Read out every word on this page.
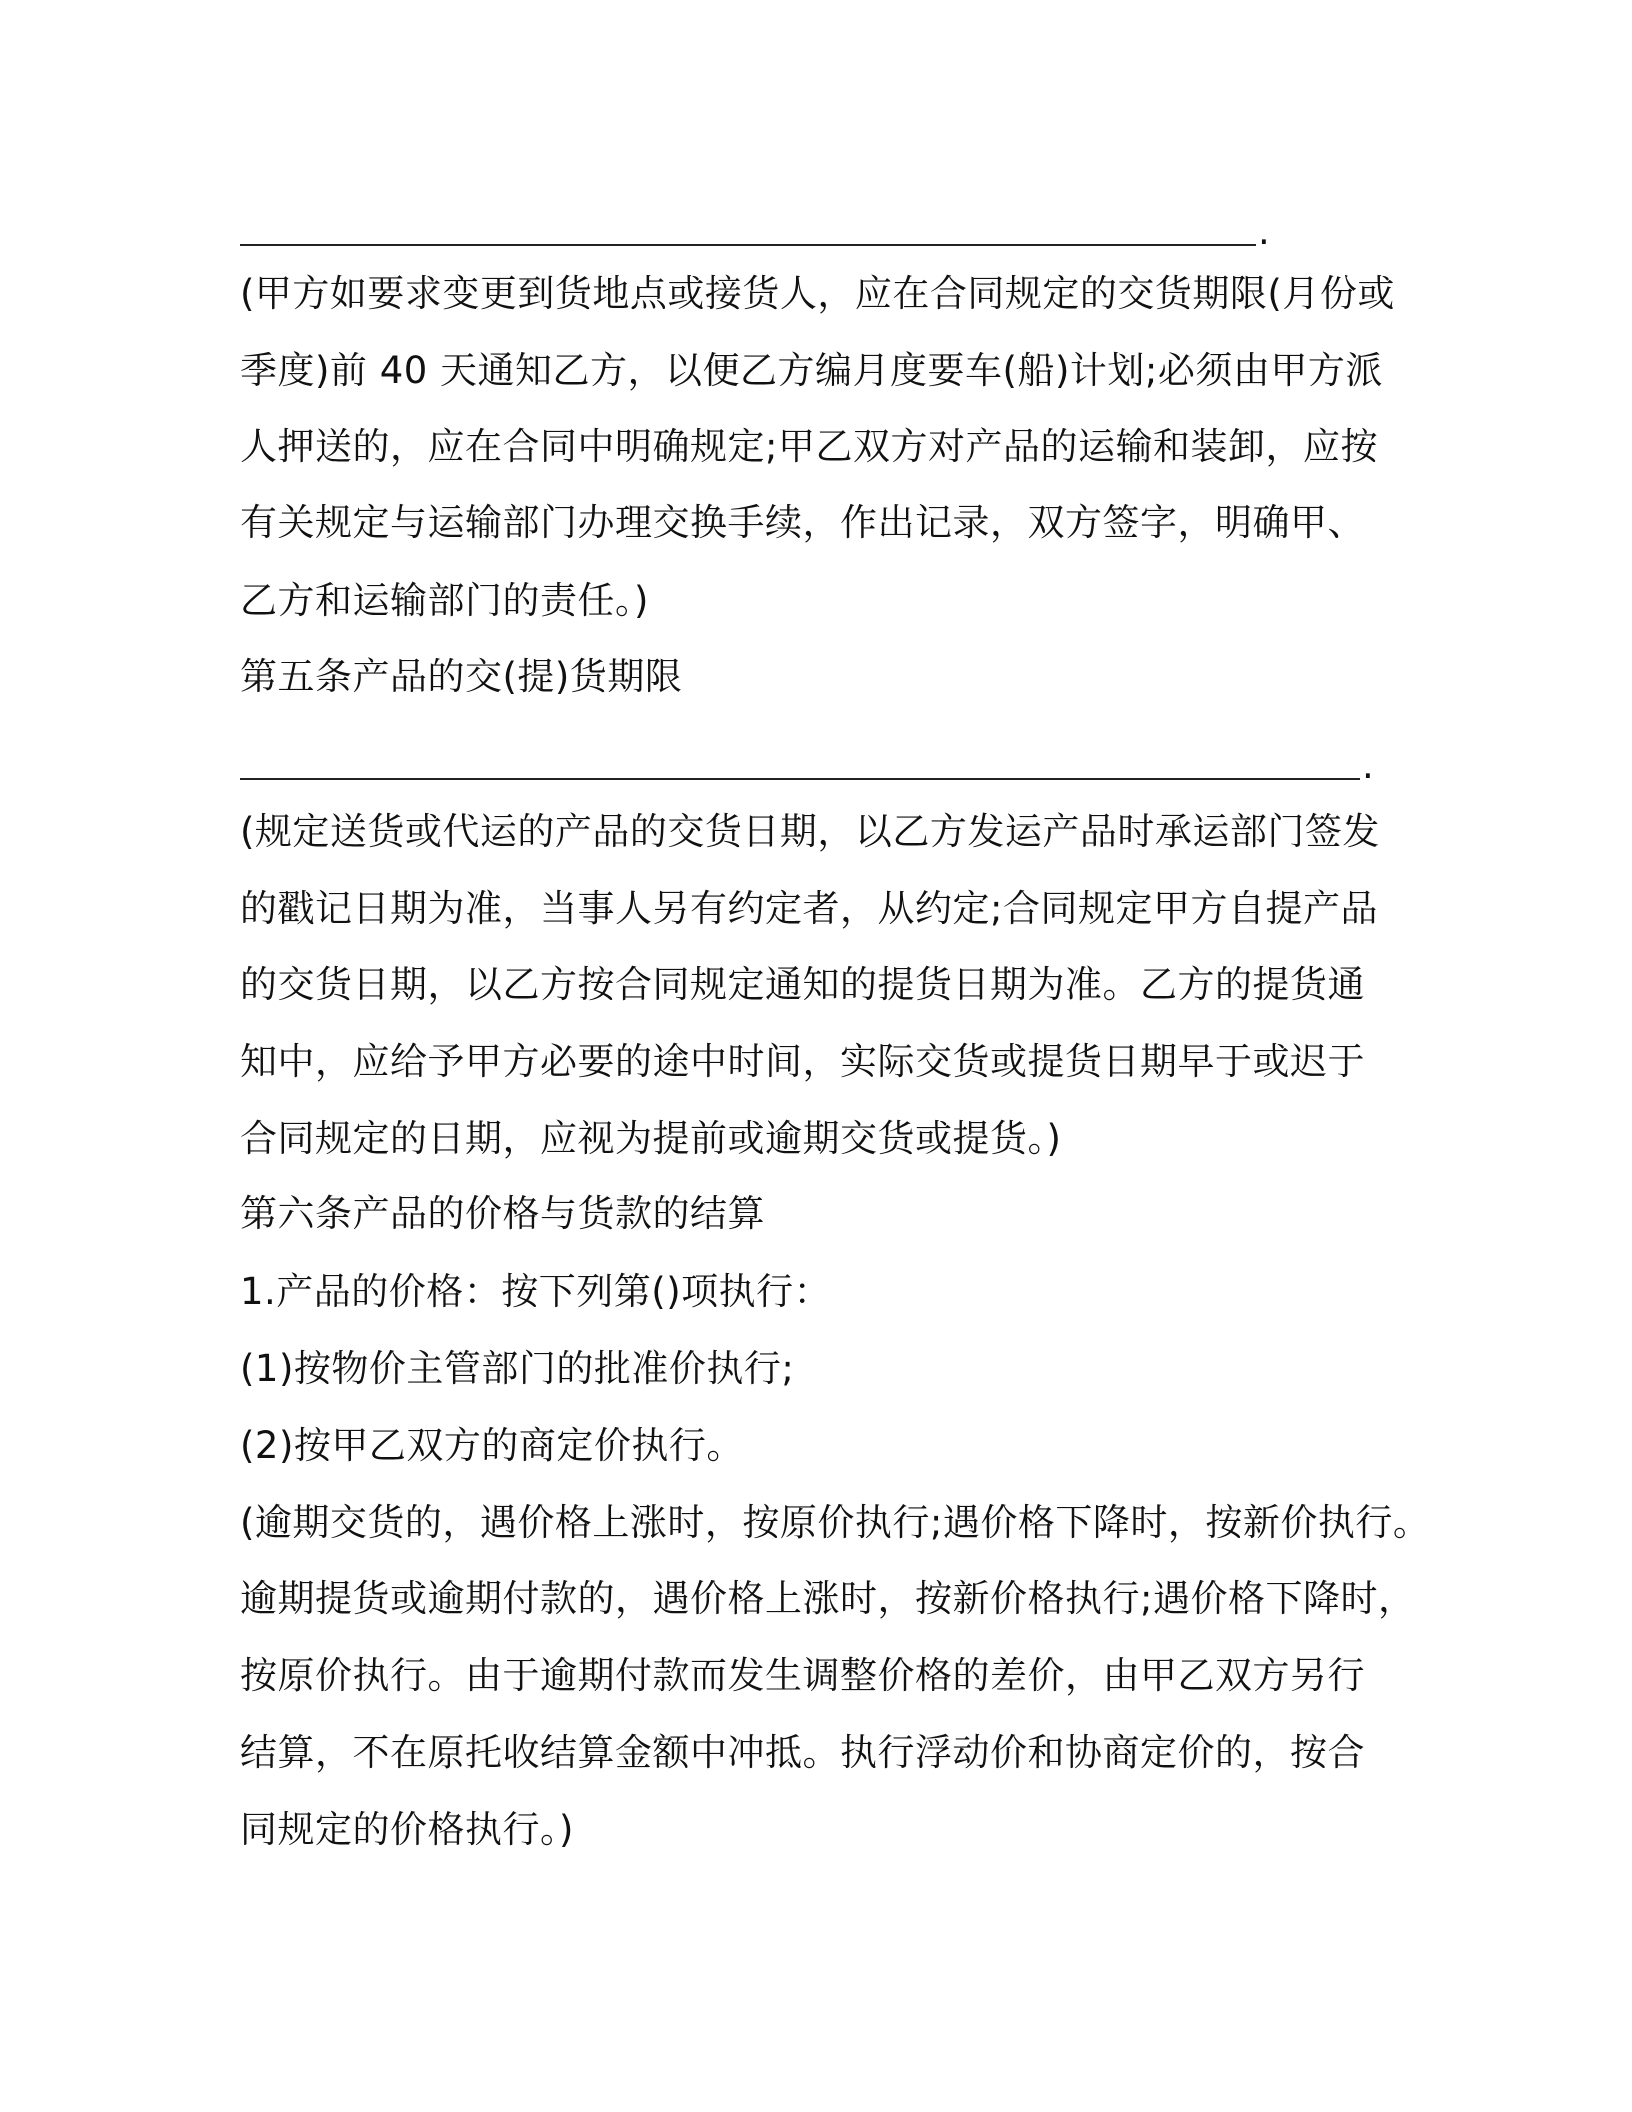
.
(甲方如要求变更到货地点或接货人，应在合同规定的交货期限(月份或
季度)前 40 天通知乙方，以便乙方编月度要车(船)计划;必须由甲方派
人押送的，应在合同中明确规定;甲乙双方对产品的运输和装卸，应按
有关规定与运输部门办理交换手续，作出记录，双方签字，明确甲、
乙方和运输部门的责任。)
第五条产品的交(提)货期限
.
(规定送货或代运的产品的交货日期，以乙方发运产品时承运部门签发
的戳记日期为准，当事人另有约定者，从约定;合同规定甲方自提产品
的交货日期，以乙方按合同规定通知的提货日期为准。乙方的提货通
知中，应给予甲方必要的途中时间，实际交货或提货日期早于或迟于
合同规定的日期，应视为提前或逾期交货或提货。)
第六条产品的价格与货款的结算
1.产品的价格：按下列第()项执行：
(1)按物价主管部门的批准价执行;
(2)按甲乙双方的商定价执行。
(逾期交货的，遇价格上涨时，按原价执行;遇价格下降时，按新价执行。
逾期提货或逾期付款的，遇价格上涨时，按新价格执行;遇价格下降时，
按原价执行。由于逾期付款而发生调整价格的差价，由甲乙双方另行
结算，不在原托收结算金额中冲抵。执行浮动价和协商定价的，按合
同规定的价格执行。)
